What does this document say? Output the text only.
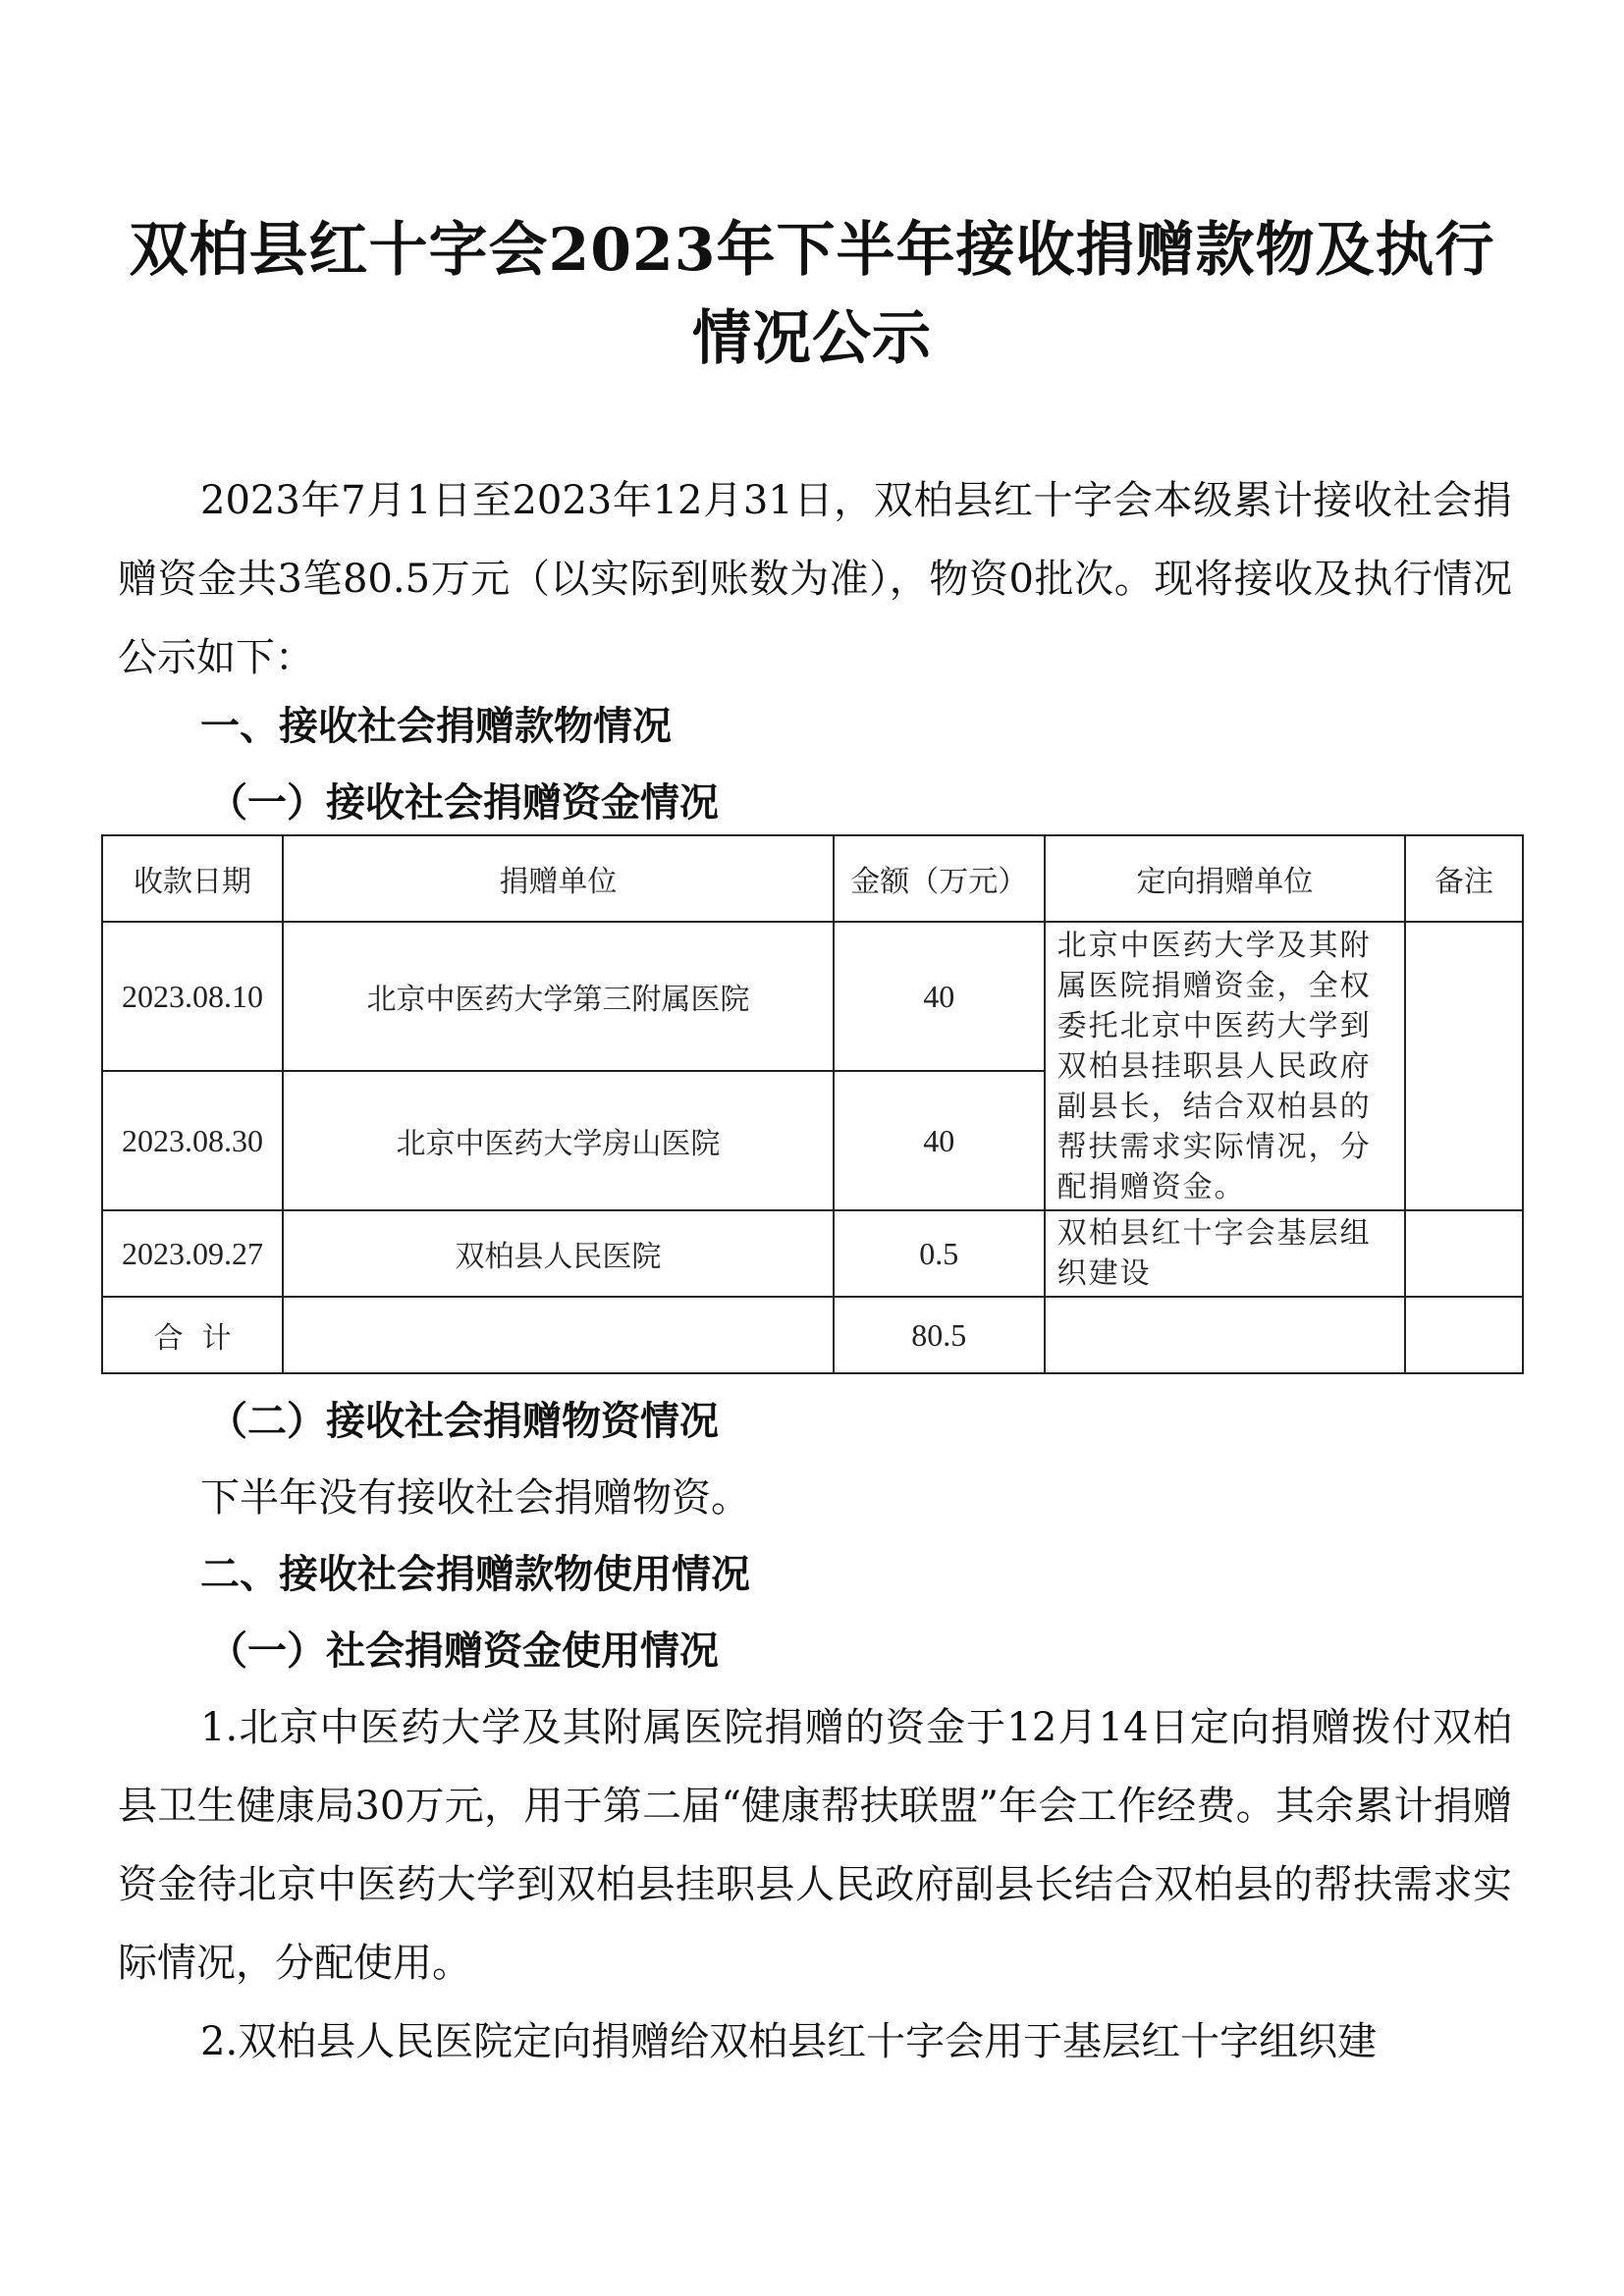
双柏县红十字会2023年下半年接收捐赠款物及执行
情况公示
2023年7月1日至2023年12月31日，双柏县红十字会本级累计接收社会捐赠资金共3笔80.5万元（以实际到账数为准），物资0批次。现将接收及执行情况公示如下：
一、接收社会捐赠款物情况
（一）接收社会捐赠资金情况
收款日期	捐赠单位	金额（万元）	定向捐赠单位	备注
2023.08.10	北京中医药大学第三附属医院	40	北京中医药大学及其附属医院捐赠资金，全权委托北京中医药大学到双柏县挂职县人民政府副县长，结合双柏县的帮扶需求实际情况，分配捐赠资金。	
2023.08.30	北京中医药大学房山医院	40		
2023.09.27	双柏县人民医院	0.5	双柏县红十字会基层组织建设	
合  计		80.5		
（二）接收社会捐赠物资情况
下半年没有接收社会捐赠物资。
二、接收社会捐赠款物使用情况
（一）社会捐赠资金使用情况
1.北京中医药大学及其附属医院捐赠的资金于12月14日定向捐赠拨付双柏县卫生健康局30万元，用于第二届“健康帮扶联盟”年会工作经费。其余累计捐赠资金待北京中医药大学到双柏县挂职县人民政府副县长结合双柏县的帮扶需求实际情况，分配使用。
2.双柏县人民医院定向捐赠给双柏县红十字会用于基层红十字组织建
